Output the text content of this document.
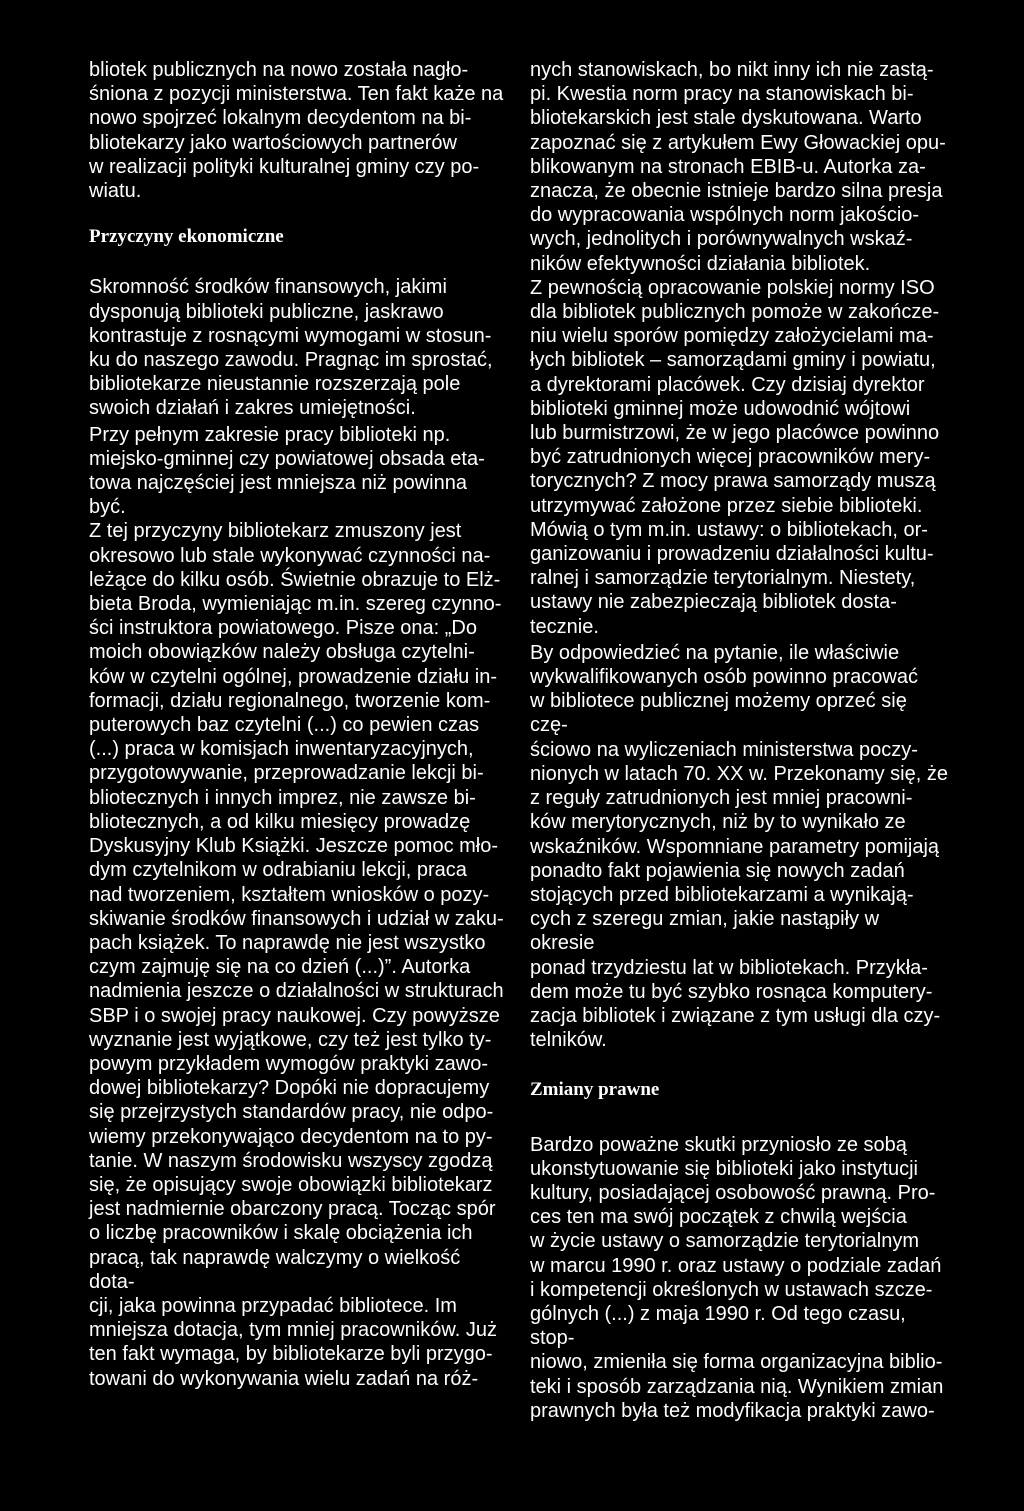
bliotek publicznych na nowo została nagło-
śniona z pozycji ministerstwa. Ten fakt każe na
nowo spojrzeć lokalnym decydentom na bi-
bliotekarzy jako wartościowych partnerów
w realizacji polityki kulturalnej gminy czy po-
wiatu.

Przyczyny ekonomiczne

Skromność środków finansowych, jakimi
dysponują biblioteki publiczne, jaskrawo
kontrastuje z rosnącymi wymogami w stosun-
ku do naszego zawodu. Pragnąc im sprostać,
bibliotekarze nieustannie rozszerzają pole
swoich działań i zakres umiejętności.

Przy pełnym zakresie pracy biblioteki np.
miejsko-gminnej czy powiatowej obsada eta-
towa najczęściej jest mniejsza niż powinna być.
Z tej przyczyny bibliotekarz zmuszony jest
okresowo lub stale wykonywać czynności na-
leżące do kilku osób. Świetnie obrazuje to Elż-
bieta Broda, wymieniając m.in. szereg czynno-
ści instruktora powiatowego. Pisze ona: „Do
moich obowiązków należy obsługa czytelni-
ków w czytelni ogólnej, prowadzenie działu in-
formacji, działu regionalnego, tworzenie kom-
puterowych baz czytelni (...) co pewien czas
(...) praca w komisjach inwentaryzacyjnych,
przygotowywanie, przeprowadzanie lekcji bi-
bliotecznych i innych imprez, nie zawsze bi-
bliotecznych, a od kilku miesięcy prowadzę
Dyskusyjny Klub Książki. Jeszcze pomoc mło-
dym czytelnikom w odrabianiu lekcji, praca
nad tworzeniem, kształtem wniosków o pozy-
skiwanie środków finansowych i udział w zaku-
pach książek. To naprawdę nie jest wszystko
czym zajmuję się na co dzień (...)”. Autorka
nadmienia jeszcze o działalności w strukturach
SBP i o swojej pracy naukowej. Czy powyższe
wyznanie jest wyjątkowe, czy też jest tylko ty-
powym przykładem wymogów praktyki zawo-
dowej bibliotekarzy? Dopóki nie dopracujemy
się przejrzystych standardów pracy, nie odpo-
wiemy przekonywająco decydentom na to py-
tanie. W naszym środowisku wszyscy zgodzą
się, że opisujący swoje obowiązki bibliotekarz
jest nadmiernie obarczony pracą. Tocząc spór
o liczbę pracowników i skalę obciążenia ich
pracą, tak naprawdę walczymy o wielkość dota-
cji, jaka powinna przypadać bibliotece. Im
mniejsza dotacja, tym mniej pracowników. Już
ten fakt wymaga, by bibliotekarze byli przygo-
towani do wykonywania wielu zadań na róż-

nych stanowiskach, bo nikt inny ich nie zastą-
pi. Kwestia norm pracy na stanowiskach bi-
bliotekarskich jest stale dyskutowana. Warto
zapoznać się z artykułem Ewy Głowackiej opu-
blikowanym na stronach EBIB-u. Autorka za-
znacza, że obecnie istnieje bardzo silna presja
do wypracowania wspólnych norm jakościo-
wych, jednolitych i porównywalnych wskaź-
ników efektywności działania bibliotek.
Z pewnością opracowanie polskiej normy ISO
dla bibliotek publicznych pomoże w zakończe-
niu wielu sporów pomiędzy założycielami ma-
łych bibliotek – samorządami gminy i powiatu,
a dyrektorami placówek. Czy dzisiaj dyrektor
biblioteki gminnej może udowodnić wójtowi
lub burmistrzowi, że w jego placówce powinno
być zatrudnionych więcej pracowników mery-
torycznych? Z mocy prawa samorządy muszą
utrzymywać założone przez siebie biblioteki.
Mówią o tym m.in. ustawy: o bibliotekach, or-
ganizowaniu i prowadzeniu działalności kultu-
ralnej i samorządzie terytorialnym. Niestety,
ustawy nie zabezpieczają bibliotek dosta-
tecznie.

By odpowiedzieć na pytanie, ile właściwie
wykwalifikowanych osób powinno pracować
w bibliotece publicznej możemy oprzeć się czę-
ściowo na wyliczeniach ministerstwa poczy-
nionych w latach 70. XX w. Przekonamy się, że
z reguły zatrudnionych jest mniej pracowni-
ków merytorycznych, niż by to wynikało ze
wskaźników. Wspomniane parametry pomijają
ponadto fakt pojawienia się nowych zadań
stojących przed bibliotekarzami a wynikają-
cych z szeregu zmian, jakie nastąpiły w okresie
ponad trzydziestu lat w bibliotekach. Przykła-
dem może tu być szybko rosnąca komputery-
zacja bibliotek i związane z tym usługi dla czy-
telników.

Zmiany prawne

Bardzo poważne skutki przyniosło ze sobą
ukonstytuowanie się biblioteki jako instytucji
kultury, posiadającej osobowość prawną. Pro-
ces ten ma swój początek z chwilą wejścia
w życie ustawy o samorządzie terytorialnym
w marcu 1990 r. oraz ustawy o podziale zadań
i kompetencji określonych w ustawach szcze-
gólnych (...) z maja 1990 r. Od tego czasu, stop-
niowo, zmieniła się forma organizacyjna biblio-
teki i sposób zarządzania nią. Wynikiem zmian
prawnych była też modyfikacja praktyki zawo-
